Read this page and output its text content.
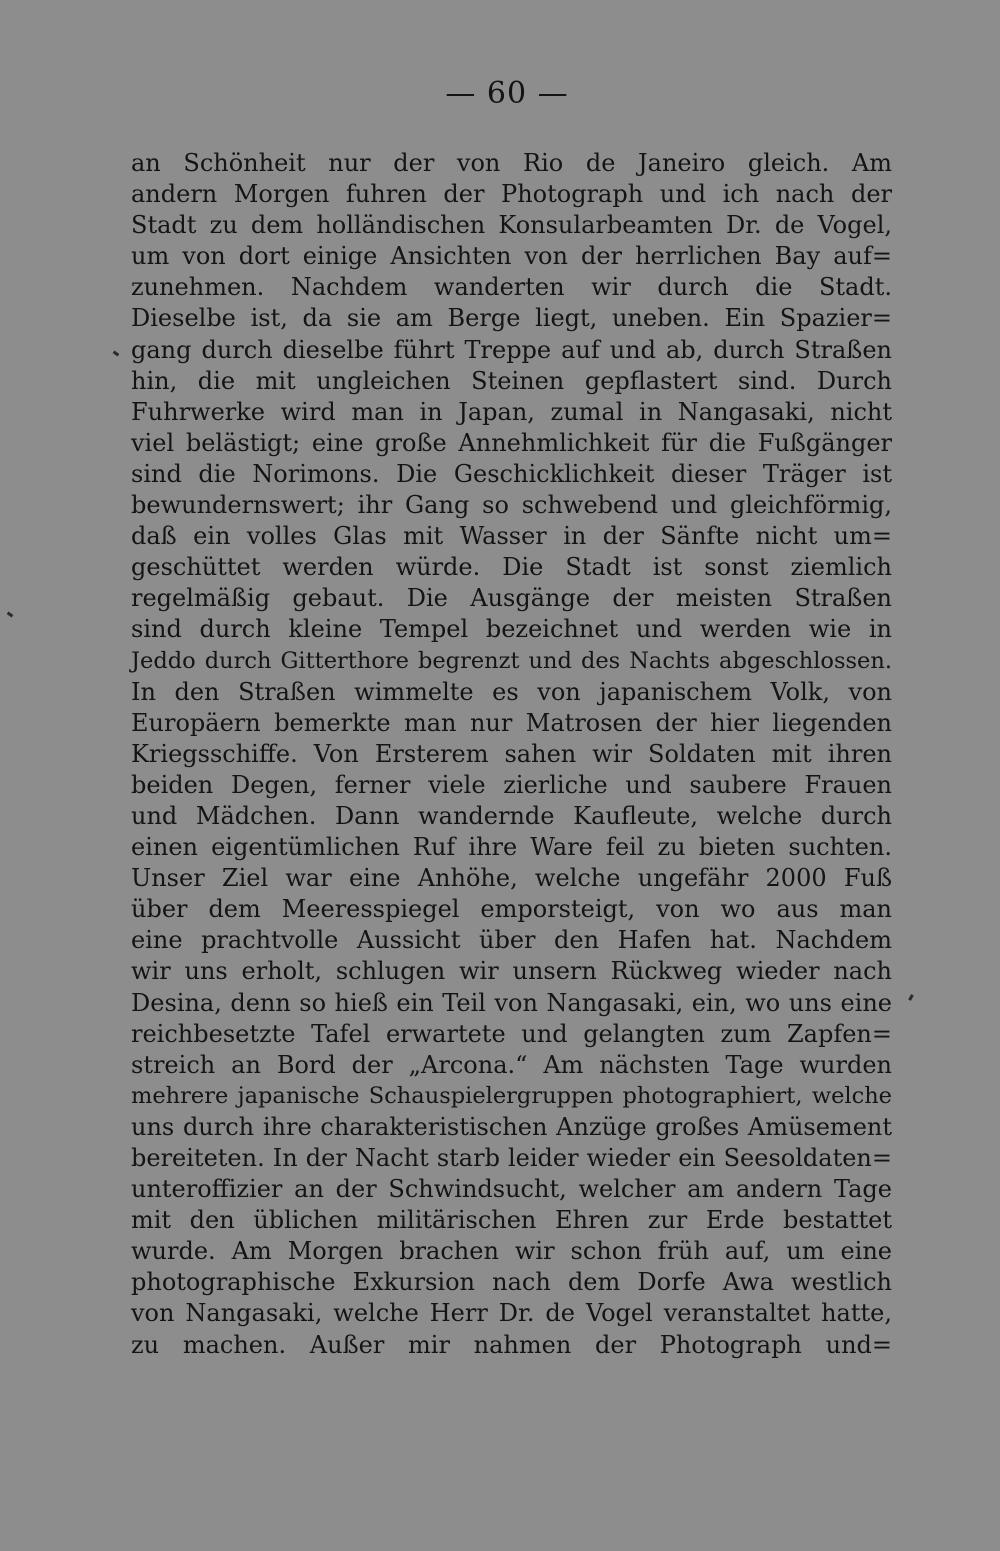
— 60 —
an Schönheit nur der von Rio de Janeiro gleich. Am
andern Morgen fuhren der Photograph und ich nach der
Stadt zu dem holländischen Konsularbeamten Dr. de Vogel,
um von dort einige Ansichten von der herrlichen Bay auf=
zunehmen. Nachdem wanderten wir durch die Stadt.
Dieselbe ist, da sie am Berge liegt, uneben. Ein Spazier=
gang durch dieselbe führt Treppe auf und ab, durch Straßen
hin, die mit ungleichen Steinen gepflastert sind. Durch
Fuhrwerke wird man in Japan, zumal in Nangasaki, nicht
viel belästigt; eine große Annehmlichkeit für die Fußgänger
sind die Norimons. Die Geschicklichkeit dieser Träger ist
bewundernswert; ihr Gang so schwebend und gleichförmig,
daß ein volles Glas mit Wasser in der Sänfte nicht um=
geschüttet werden würde. Die Stadt ist sonst ziemlich
regelmäßig gebaut. Die Ausgänge der meisten Straßen
sind durch kleine Tempel bezeichnet und werden wie in
Jeddo durch Gitterthore begrenzt und des Nachts abgeschlossen.
In den Straßen wimmelte es von japanischem Volk, von
Europäern bemerkte man nur Matrosen der hier liegenden
Kriegsschiffe. Von Ersterem sahen wir Soldaten mit ihren
beiden Degen, ferner viele zierliche und saubere Frauen
und Mädchen. Dann wandernde Kaufleute, welche durch
einen eigentümlichen Ruf ihre Ware feil zu bieten suchten.
Unser Ziel war eine Anhöhe, welche ungefähr 2000 Fuß
über dem Meeresspiegel emporsteigt, von wo aus man
eine prachtvolle Aussicht über den Hafen hat. Nachdem
wir uns erholt, schlugen wir unsern Rückweg wieder nach
Desina, denn so hieß ein Teil von Nangasaki, ein, wo uns eine
reichbesetzte Tafel erwartete und gelangten zum Zapfen=
streich an Bord der „Arcona.“ Am nächsten Tage wurden
mehrere japanische Schauspielergruppen photographiert, welche
uns durch ihre charakteristischen Anzüge großes Amüsement
bereiteten. In der Nacht starb leider wieder ein Seesoldaten=
unteroffizier an der Schwindsucht, welcher am andern Tage
mit den üblichen militärischen Ehren zur Erde bestattet
wurde. Am Morgen brachen wir schon früh auf, um eine
photographische Exkursion nach dem Dorfe Awa westlich
von Nangasaki, welche Herr Dr. de Vogel veranstaltet hatte,
zu machen. Außer mir nahmen der Photograph und=
